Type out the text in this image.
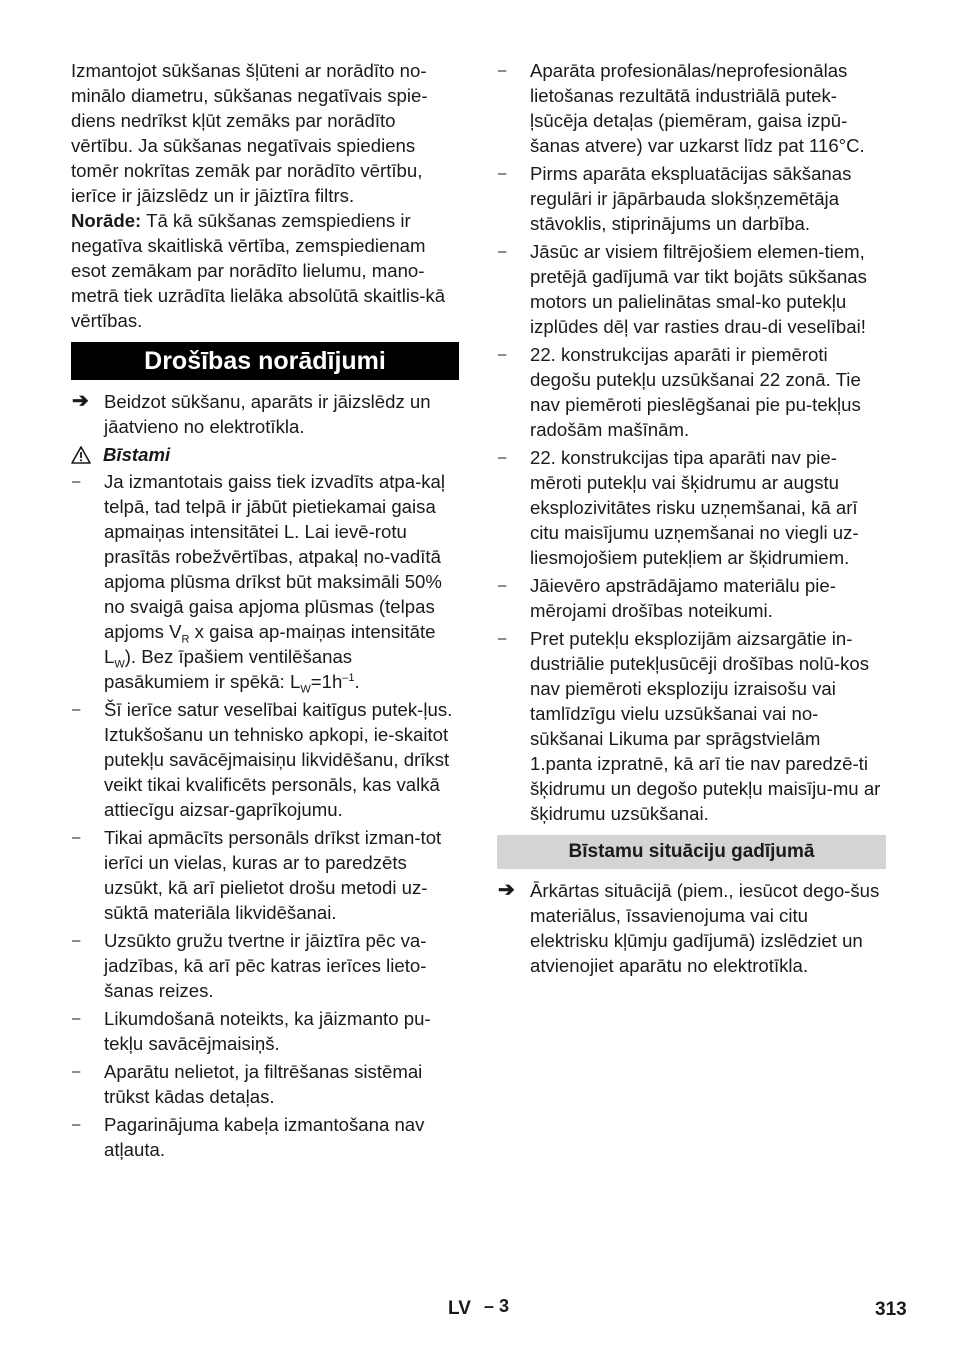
Izmantojot sūkšanas šļūteni ar norādīto no-minālo diametru, sūkšanas negatīvais spie-diens nedrīkst kļūt zemāks par norādīto vērtību. Ja sūkšanas negatīvais spiediens tomēr nokrītas zemāk par norādīto vērtību, ierīce ir jāizslēdz un ir jāiztīra filtrs.

Norāde: Tā kā sūkšanas zemspiediens ir negatīva skaitliskā vērtība, zemspiedienam esot zemākam par norādīto lielumu, mano-metrā tiek uzrādīta lielāka absolūtā skaitlis-kā vērtības.

Drošības norādījumi
➔ Beidzot sūkšanu, aparāts ir jāizslēdz un jāatvieno no elektrotīkla.
Bīstami
–	Ja izmantotais gaiss tiek izvadīts atpa-kaļ telpā, tad telpā ir jābūt pietiekamai gaisa apmaiņas intensitātei L. Lai ievē-rotu prasītās robežvērtības, atpakaļ no-vadītā apjoma plūsma drīkst būt maksimāli 50% no svaigā gaisa apjoma plūsmas (telpas apjoms $V_R$ x gaisa ap-maiņas intensitāte $L_W$). Bez īpašiem ventilēšanas pasākumiem ir spēkā: $L_W=1h^{-1}$.
–	Šī ierīce satur veselībai kaitīgus putek-ļus. Iztukšošanu un tehnisko apkopi, ie-skaitot putekļu savācējmaisiņu likvidēšanu, drīkst veikt tikai kvalificēts personāls, kas valkā attiecīgu aizsar-gaprīkojumu.
–	Tikai apmācīts personāls drīkst izman-tot ierīci un vielas, kuras ar to paredzēts uzsūkt, kā arī pielietot drošu metodi uz-sūktā materiāla likvidēšanai.
–	Uzsūkto gružu tvertne ir jāiztīra pēc va-jadzības, kā arī pēc katras ierīces lieto-šanas reizes.
–	Likumdošanā noteikts, ka jāizmanto pu-tekļu savācējmaisiņš.
–	Aparātu nelietot, ja filtrēšanas sistēmai trūkst kādas detaļas.
–	Pagarinājuma kabeļa izmantošana nav atļauta.
–	Aparāta profesionālas/neprofesionālas lietošanas rezultātā industriālā putek-ļsūcēja detaļas (piemēram, gaisa izpū-šanas atvere) var uzkarst līdz pat 116°C.
–	Pirms aparāta ekspluatācijas sākšanas regulāri ir jāpārbauda slokšņzemētāja stāvoklis, stiprinājums un darbība.
–	Jāsūc ar visiem filtrējošiem elemen-tiem, pretējā gadījumā var tikt bojāts sūkšanas motors un palielinātas smal-ko putekļu izplūdes dēļ var rasties drau-di veselībai!
–	22. konstrukcijas aparāti ir piemēroti degošu putekļu uzsūkšanai 22 zonā. Tie nav piemēroti pieslēgšanai pie pu-tekļus radošām mašīnām.
–	22. konstrukcijas tipa aparāti nav pie-mēroti putekļu vai šķidrumu ar augstu eksplozivitātes risku uzņemšanai, kā arī citu maisījumu uzņemšanai no viegli uz-liesmojošiem putekļiem ar šķidrumiem.
–	Jāievēro apstrādājamo materiālu pie-mērojami drošības noteikumi.
–	Pret putekļu eksplozijām aizsargātie in-dustriālie putekļusūcēji drošības nolū-kos nav piemēroti eksploziju izraisošu vai tamlīdzīgu vielu uzsūkšanai vai no-sūkšanai Likuma par sprāgstvielām 1.panta izpratnē, kā arī tie nav paredzē-ti šķidrumu un degošo putekļu maisīju-mu ar šķidrumu uzsūkšanai.
Bīstamu situāciju gadījumā
➔ Ārkārtas situācijā (piem., iesūcot dego-šus materiālus, īssavienojuma vai citu elektrisku kļūmju gadījumā) izslēdziet un atvienojiet aparātu no elektrotīkla.
LV – 3	313
